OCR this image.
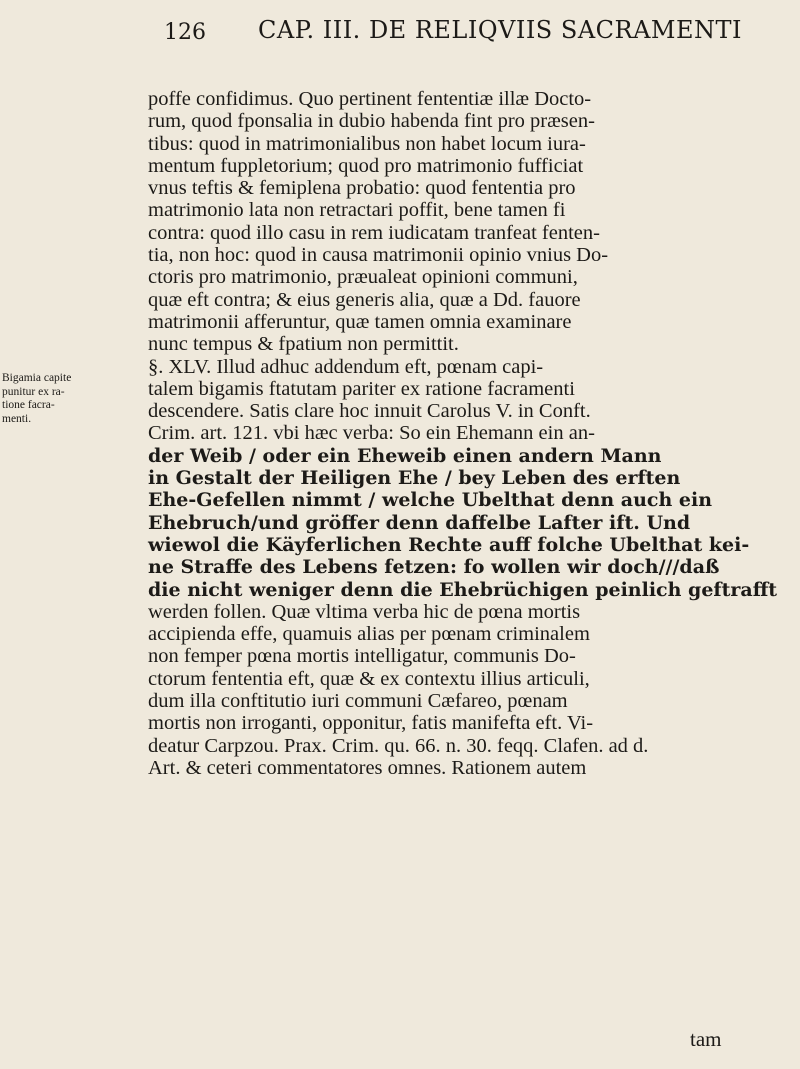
126 CAP. III. DE RELIQVIIS SACRAMENTI
Bigamia capite
punitur ex ra-
tione facra-
menti.
poffe confidimus. Quo pertinent fententiæ illæ Docto-
rum, quod fponsalia in dubio habenda fint pro præsen-
tibus: quod in matrimonialibus non habet locum iura-
mentum fuppletorium; quod pro matrimonio fufficiat
vnus teftis & femiplena probatio: quod fententia pro
matrimonio lata non retractari poffit, bene tamen fi
contra: quod illo casu in rem iudicatam tranfeat fenten-
tia, non hoc: quod in causa matrimonii opinio vnius Do-
ctoris pro matrimonio, præualeat opinioni communi,
quæ eft contra; & eius generis alia, quæ a Dd. fauore
matrimonii afferuntur, quæ tamen omnia examinare
nunc tempus & fpatium non permittit.
§. XLV. Illud adhuc addendum eft, pœnam capi-
talem bigamis ftatutam pariter ex ratione facramenti
descendere. Satis clare hoc innuit Carolus V. in Conft.
Crim. art. 121. vbi hæc verba: So ein Ehemann ein an-
der Weib / oder ein Eheweib einen andern Mann
in Gestalt der Heiligen Ehe / bey Leben des erften
Ehe-Gefellen nimmt / welche Ubelthat denn auch ein
Ehebruch/und gröffer denn daffelbe Lafter ift. Und
wiewol die Käyferlichen Rechte auff folche Ubelthat kei-
ne Straffe des Lebens fetzen: fo wollen wir doch///daß
die nicht weniger denn die Ehebrüchigen peinlich geftrafft
werden follen. Quæ vltima verba hic de pœna mortis
accipienda effe, quamuis alias per pœnam criminalem
non femper pœna mortis intelligatur, communis Do-
ctorum fententia eft, quæ & ex contextu illius articuli,
dum illa conftitutio iuri communi Cæfareo, pœnam
mortis non irroganti, opponitur, fatis manifefta eft. Vi-
deatur Carpzou. Prax. Crim. qu. 66. n. 30. feqq. Clafen. ad d.
Art. & ceteri commentatores omnes. Rationem autem
tam
